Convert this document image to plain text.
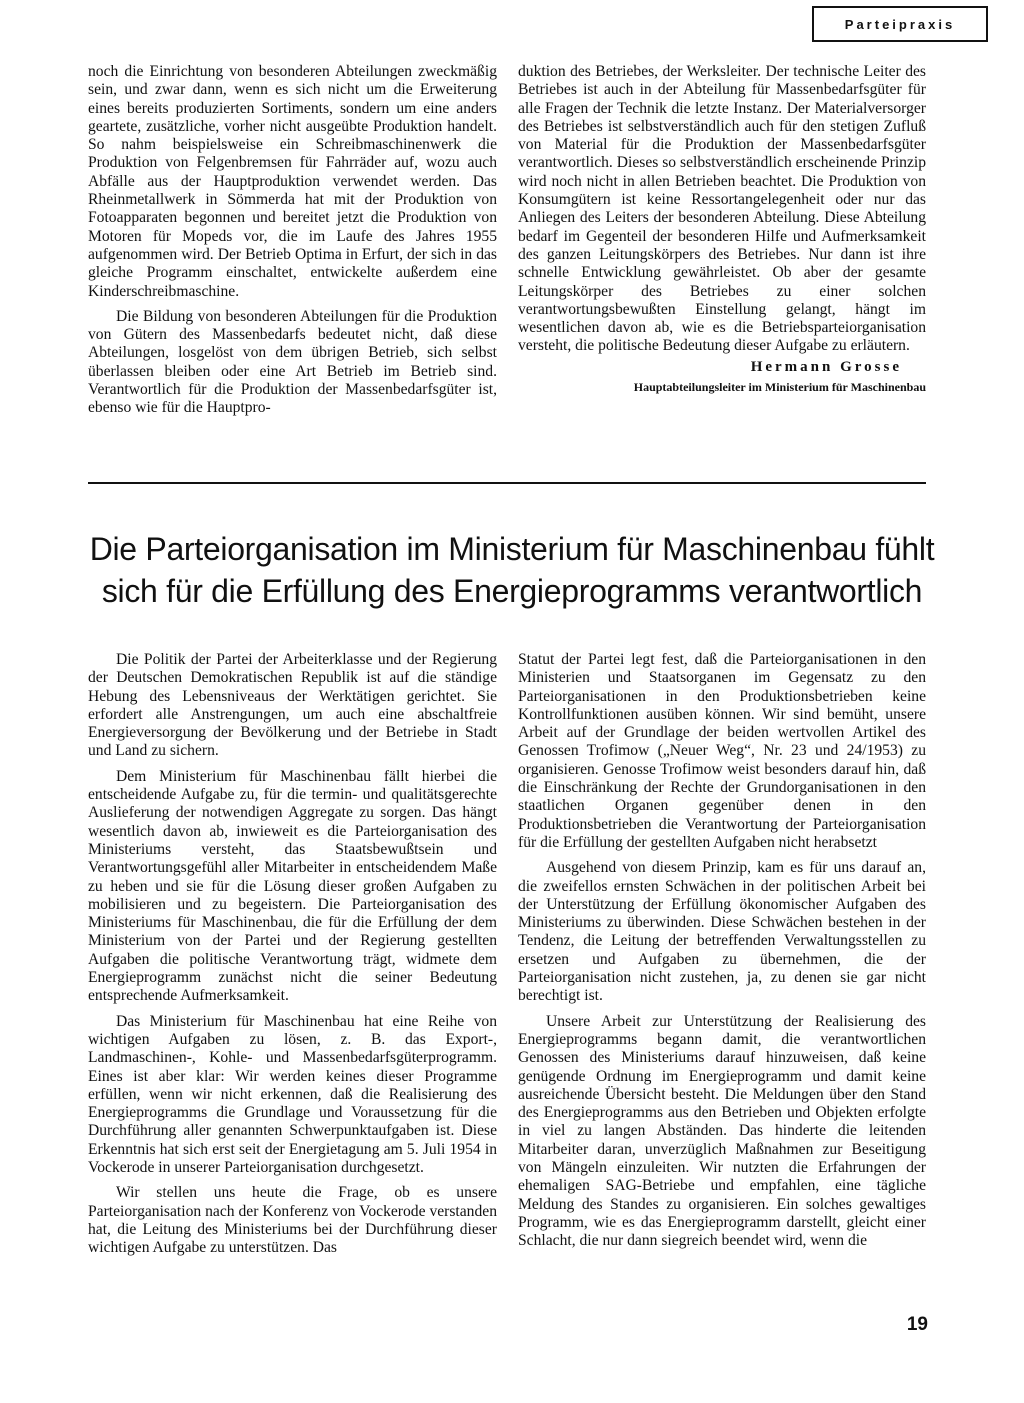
Parteipraxis

noch die Einrichtung von besonderen Abteilungen zweckmäßig sein, und zwar dann, wenn es sich nicht um die Erweiterung eines bereits produzierten Sortiments, sondern um eine anders geartete, zusätzliche, vorher nicht ausgeübte Produktion handelt. So nahm beispielsweise ein Schreibmaschinenwerk die Produktion von Felgenbremsen für Fahrräder auf, wozu auch Abfälle aus der Hauptproduktion verwendet werden. Das Rheinmetallwerk in Sömmerda hat mit der Produktion von Fotoapparaten begonnen und bereitet jetzt die Produktion von Motoren für Mopeds vor, die im Laufe des Jahres 1955 aufgenommen wird. Der Betrieb Optima in Erfurt, der sich in das gleiche Programm einschaltet, entwickelte außerdem eine Kinderschreibmaschine.

Die Bildung von besonderen Abteilungen für die Produktion von Gütern des Massenbedarfs bedeutet nicht, daß diese Abteilungen, losgelöst von dem übrigen Betrieb, sich selbst überlassen bleiben oder eine Art Betrieb im Betrieb sind. Verantwortlich für die Produktion der Massenbedarfsgüter ist, ebenso wie für die Hauptpro-

duktion des Betriebes, der Werksleiter. Der technische Leiter des Betriebes ist auch in der Abteilung für Massenbedarfsgüter für alle Fragen der Technik die letzte Instanz. Der Materialversorger des Betriebes ist selbstverständlich auch für den stetigen Zufluß von Material für die Produktion der Massenbedarfsgüter verantwortlich. Dieses so selbstverständlich erscheinende Prinzip wird noch nicht in allen Betrieben beachtet. Die Produktion von Konsumgütern ist keine Ressortangelegenheit oder nur das Anliegen des Leiters der besonderen Abteilung. Diese Abteilung bedarf im Gegenteil der besonderen Hilfe und Aufmerksamkeit des ganzen Leitungskörpers des Betriebes. Nur dann ist ihre schnelle Entwicklung gewährleistet. Ob aber der gesamte Leitungskörper des Betriebes zu einer solchen verantwortungsbewußten Einstellung gelangt, hängt im wesentlichen davon ab, wie es die Betriebsparteiorganisation versteht, die politische Bedeutung dieser Aufgabe zu erläutern.

Hermann Grosse
Hauptabteilungsleiter im Ministerium für Maschinenbau
Die Parteiorganisation im Ministerium für Maschinenbau fühlt sich für die Erfüllung des Energieprogramms verantwortlich

Die Politik der Partei der Arbeiterklasse und der Regierung der Deutschen Demokratischen Republik ist auf die ständige Hebung des Lebensniveaus der Werktätigen gerichtet. Sie erfordert alle Anstrengungen, um auch eine abschaltfreie Energieversorgung der Bevölkerung und der Betriebe in Stadt und Land zu sichern.

Dem Ministerium für Maschinenbau fällt hierbei die entscheidende Aufgabe zu, für die termin- und qualitätsgerechte Auslieferung der notwendigen Aggregate zu sorgen. Das hängt wesentlich davon ab, inwieweit es die Parteiorganisation des Ministeriums versteht, das Staatsbewußtsein und Verantwortungsgefühl aller Mitarbeiter in entscheidendem Maße zu heben und sie für die Lösung dieser großen Aufgaben zu mobilisieren und zu begeistern. Die Parteiorganisation des Ministeriums für Maschinenbau, die für die Erfüllung der dem Ministerium von der Partei und der Regierung gestellten Aufgaben die politische Verantwortung trägt, widmete dem Energieprogramm zunächst nicht die seiner Bedeutung entsprechende Aufmerksamkeit.

Das Ministerium für Maschinenbau hat eine Reihe von wichtigen Aufgaben zu lösen, z. B. das Export-, Landmaschinen-, Kohle- und Massenbedarfsgüterprogramm. Eines ist aber klar: Wir werden keines dieser Programme erfüllen, wenn wir nicht erkennen, daß die Realisierung des Energieprogramms die Grundlage und Voraussetzung für die Durchführung aller genannten Schwerpunktaufgaben ist. Diese Erkenntnis hat sich erst seit der Energietagung am 5. Juli 1954 in Vockerode in unserer Parteiorganisation durchgesetzt.

Wir stellen uns heute die Frage, ob es unsere Parteiorganisation nach der Konferenz von Vockerode verstanden hat, die Leitung des Ministeriums bei der Durchführung dieser wichtigen Aufgabe zu unterstützen. Das

Statut der Partei legt fest, daß die Parteiorganisationen in den Ministerien und Staatsorganen im Gegensatz zu den Parteiorganisationen in den Produktionsbetrieben keine Kontrollfunktionen ausüben können. Wir sind bemüht, unsere Arbeit auf der Grundlage der beiden wertvollen Artikel des Genossen Trofimow („Neuer Weg“, Nr. 23 und 24/1953) zu organisieren. Genosse Trofimow weist besonders darauf hin, daß die Einschränkung der Rechte der Grundorganisationen in den staatlichen Organen gegenüber denen in den Produktionsbetrieben die Verantwortung der Parteiorganisation für die Erfüllung der gestellten Aufgaben nicht herabsetzt

Ausgehend von diesem Prinzip, kam es für uns darauf an, die zweifellos ernsten Schwächen in der politischen Arbeit bei der Unterstützung der Erfüllung ökonomischer Aufgaben des Ministeriums zu überwinden. Diese Schwächen bestehen in der Tendenz, die Leitung der betreffenden Verwaltungsstellen zu ersetzen und Aufgaben zu übernehmen, die der Parteiorganisation nicht zustehen, ja, zu denen sie gar nicht berechtigt ist.

Unsere Arbeit zur Unterstützung der Realisierung des Energieprogramms begann damit, die verantwortlichen Genossen des Ministeriums darauf hinzuweisen, daß keine genügende Ordnung im Energieprogramm und damit keine ausreichende Übersicht besteht. Die Meldungen über den Stand des Energieprogramms aus den Betrieben und Objekten erfolgte in viel zu langen Abständen. Das hinderte die leitenden Mitarbeiter daran, unverzüglich Maßnahmen zur Beseitigung von Mängeln einzuleiten. Wir nutzten die Erfahrungen der ehemaligen SAG-Betriebe und empfahlen, eine tägliche Meldung des Standes zu organisieren. Ein solches gewaltiges Programm, wie es das Energieprogramm darstellt, gleicht einer Schlacht, die nur dann siegreich beendet wird, wenn die

19
